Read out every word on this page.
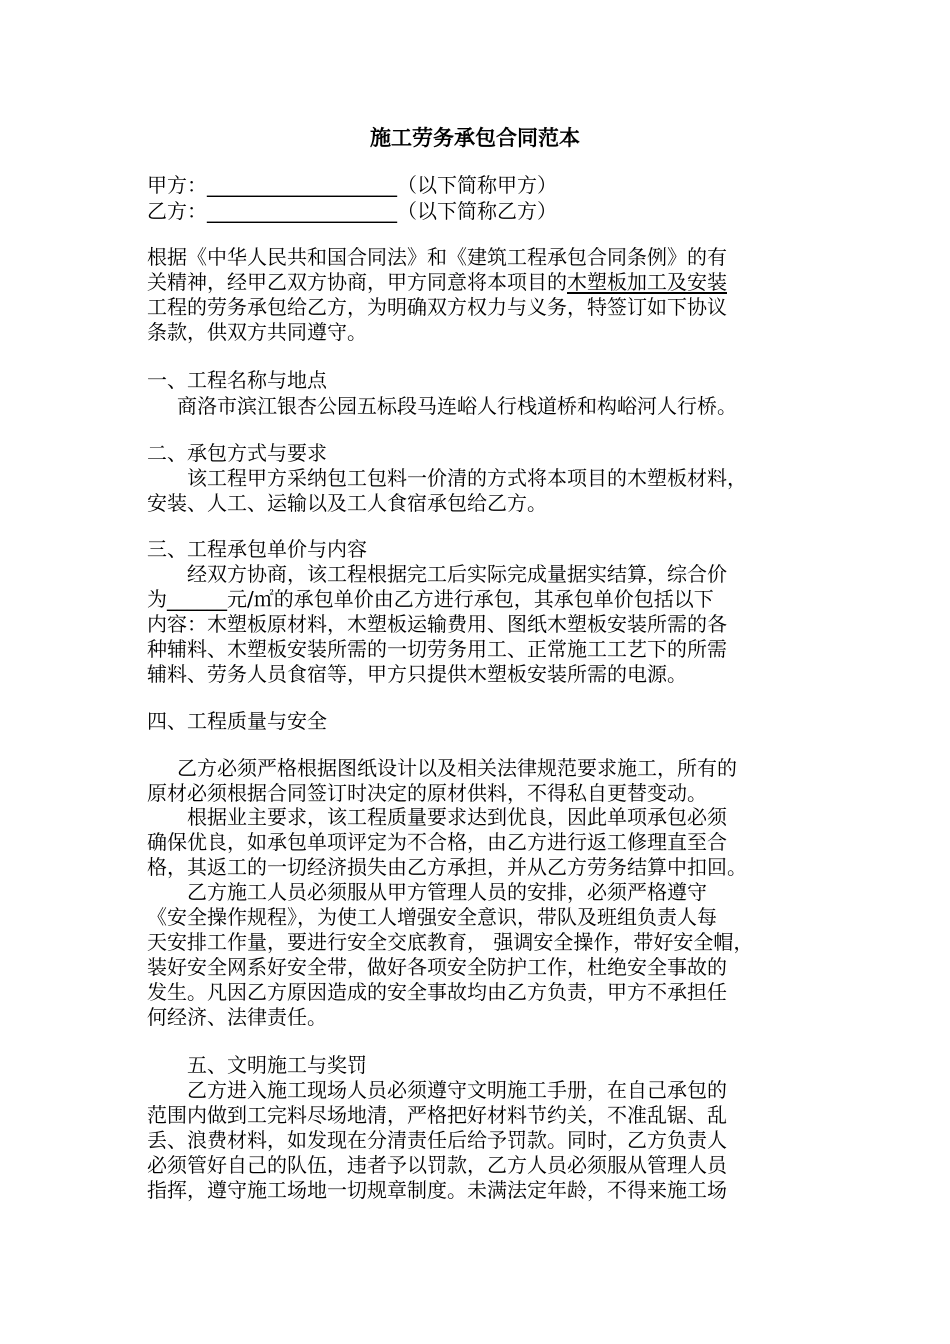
施工劳务承包合同范本
甲方：___________________（以下简称甲方）
乙方：___________________（以下简称乙方）
根据《中华人民共和国合同法》和《建筑工程承包合同条例》的有
关精神，经甲乙双方协商，甲方同意将本项目的木塑板加工及安装
工程的劳务承包给乙方，为明确双方权力与义务，特签订如下协议
条款，供双方共同遵守。
一、工程名称与地点
商洛市滨江银杏公园五标段马连峪人行栈道桥和构峪河人行桥。
二、承包方式与要求
该工程甲方采纳包工包料一价清的方式将本项目的木塑板材料，
安装、人工、运输以及工人食宿承包给乙方。
三、工程承包单价与内容
经双方协商，该工程根据完工后实际完成量据实结算，综合价
为______元/㎡的承包单价由乙方进行承包，其承包单价包括以下
内容：木塑板原材料，木塑板运输费用、图纸木塑板安装所需的各
种辅料、木塑板安装所需的一切劳务用工、正常施工工艺下的所需
辅料、劳务人员食宿等，甲方只提供木塑板安装所需的电源。
四、工程质量与安全
乙方必须严格根据图纸设计以及相关法律规范要求施工，所有的
原材必须根据合同签订时决定的原材供料，不得私自更替变动。
根据业主要求，该工程质量要求达到优良，因此单项承包必须
确保优良，如承包单项评定为不合格，由乙方进行返工修理直至合
格，其返工的一切经济损失由乙方承担，并从乙方劳务结算中扣回。
乙方施工人员必须服从甲方管理人员的安排，必须严格遵守
《安全操作规程》，为使工人增强安全意识，带队及班组负责人每
天安排工作量，要进行安全交底教育， 强调安全操作，带好安全帽，
装好安全网系好安全带，做好各项安全防护工作，杜绝安全事故的
发生。凡因乙方原因造成的安全事故均由乙方负责，甲方不承担任
何经济、法律责任。
五、文明施工与奖罚
乙方进入施工现场人员必须遵守文明施工手册，在自己承包的
范围内做到工完料尽场地清，严格把好材料节约关，不准乱锯、乱
丢、浪费材料，如发现在分清责任后给予罚款。同时，乙方负责人
必须管好自己的队伍，违者予以罚款，乙方人员必须服从管理人员
指挥，遵守施工场地一切规章制度。未满法定年龄，不得来施工场
